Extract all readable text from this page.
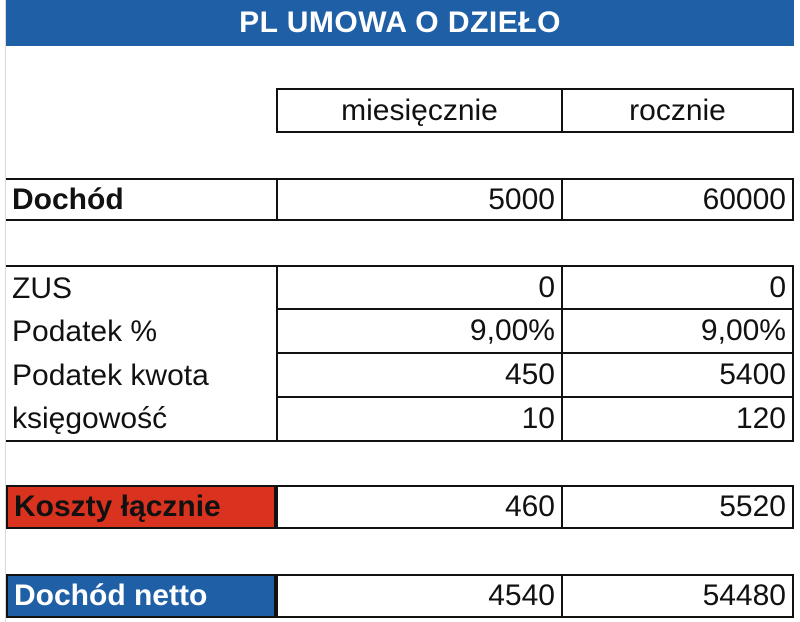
PL UMOWA O DZIEŁO
miesięcznie	rocznie
Dochód	5000	60000
ZUS	0	0
Podatek %	9,00%	9,00%
Podatek kwota	450	5400
księgowość	10	120
Koszty łącznie	460	5520
Dochód netto	4540	54480
